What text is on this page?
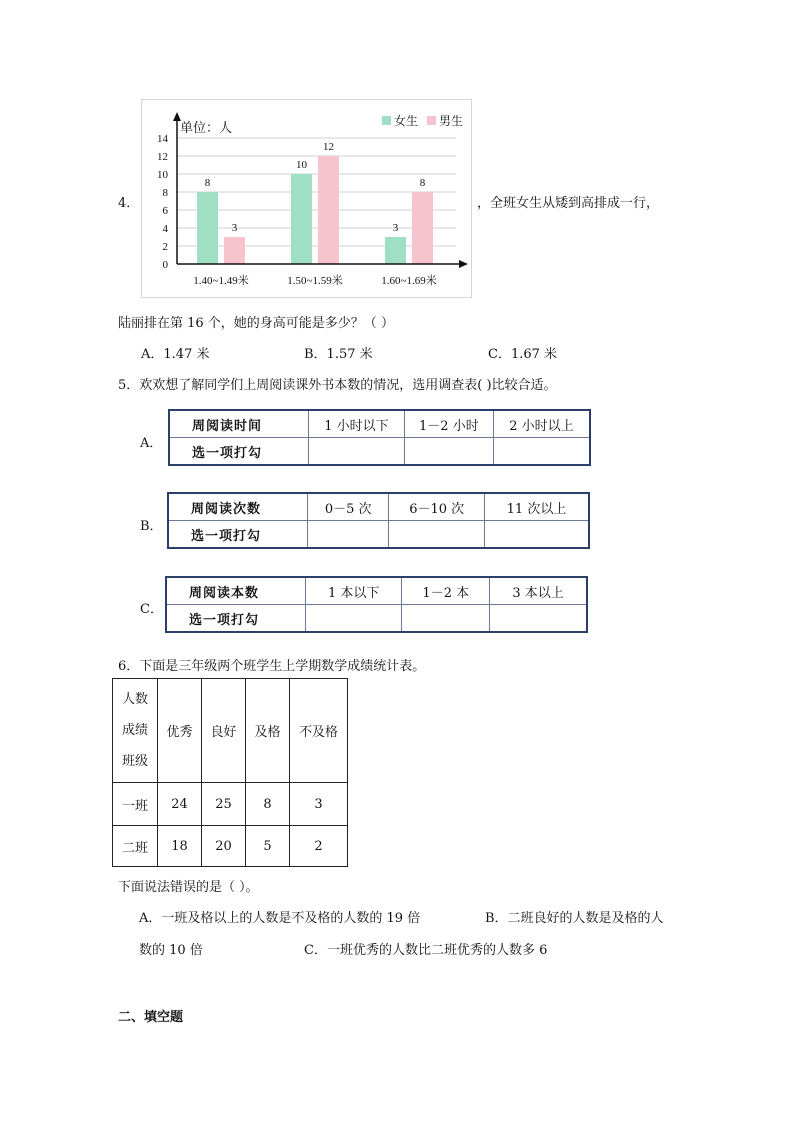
4．
0
2
4
6
8
10
12
14
8
10
3
3
12
8
1.40~1.49米	1.50~1.59米	1.60~1.69米
单位：人	女生 男生
，全班女生从矮到高排成一行，
陆丽排在第 16 个，她的身高可能是多少？（ ）
A．1.47 米	B．1.57 米	C．1.67 米
5．欢欢想了解同学们上周阅读课外书本数的情况，选用调查表( )比较合适。
A．
周阅读时间	1 小时以下	1－2 小时	2 小时以上
选一项打勾			
B．
周阅读次数	0－5 次	6－10 次	11 次以上
选一项打勾			
C．
周阅读本数	1 本以下	1－2 本	3 本以上
选一项打勾			
6．下面是三年级两个班学生上学期数学成绩统计表。
人数
成绩
班级	优秀	良好	及格	不及格
一班	24	25	8	3
二班	18	20	5	2
下面说法错误的是（ ）。
A．一班及格以上的人数是不及格的人数的 19 倍	B．二班良好的人数是及格的人
数的 10 倍	C．一班优秀的人数比二班优秀的人数多 6
二、填空题
